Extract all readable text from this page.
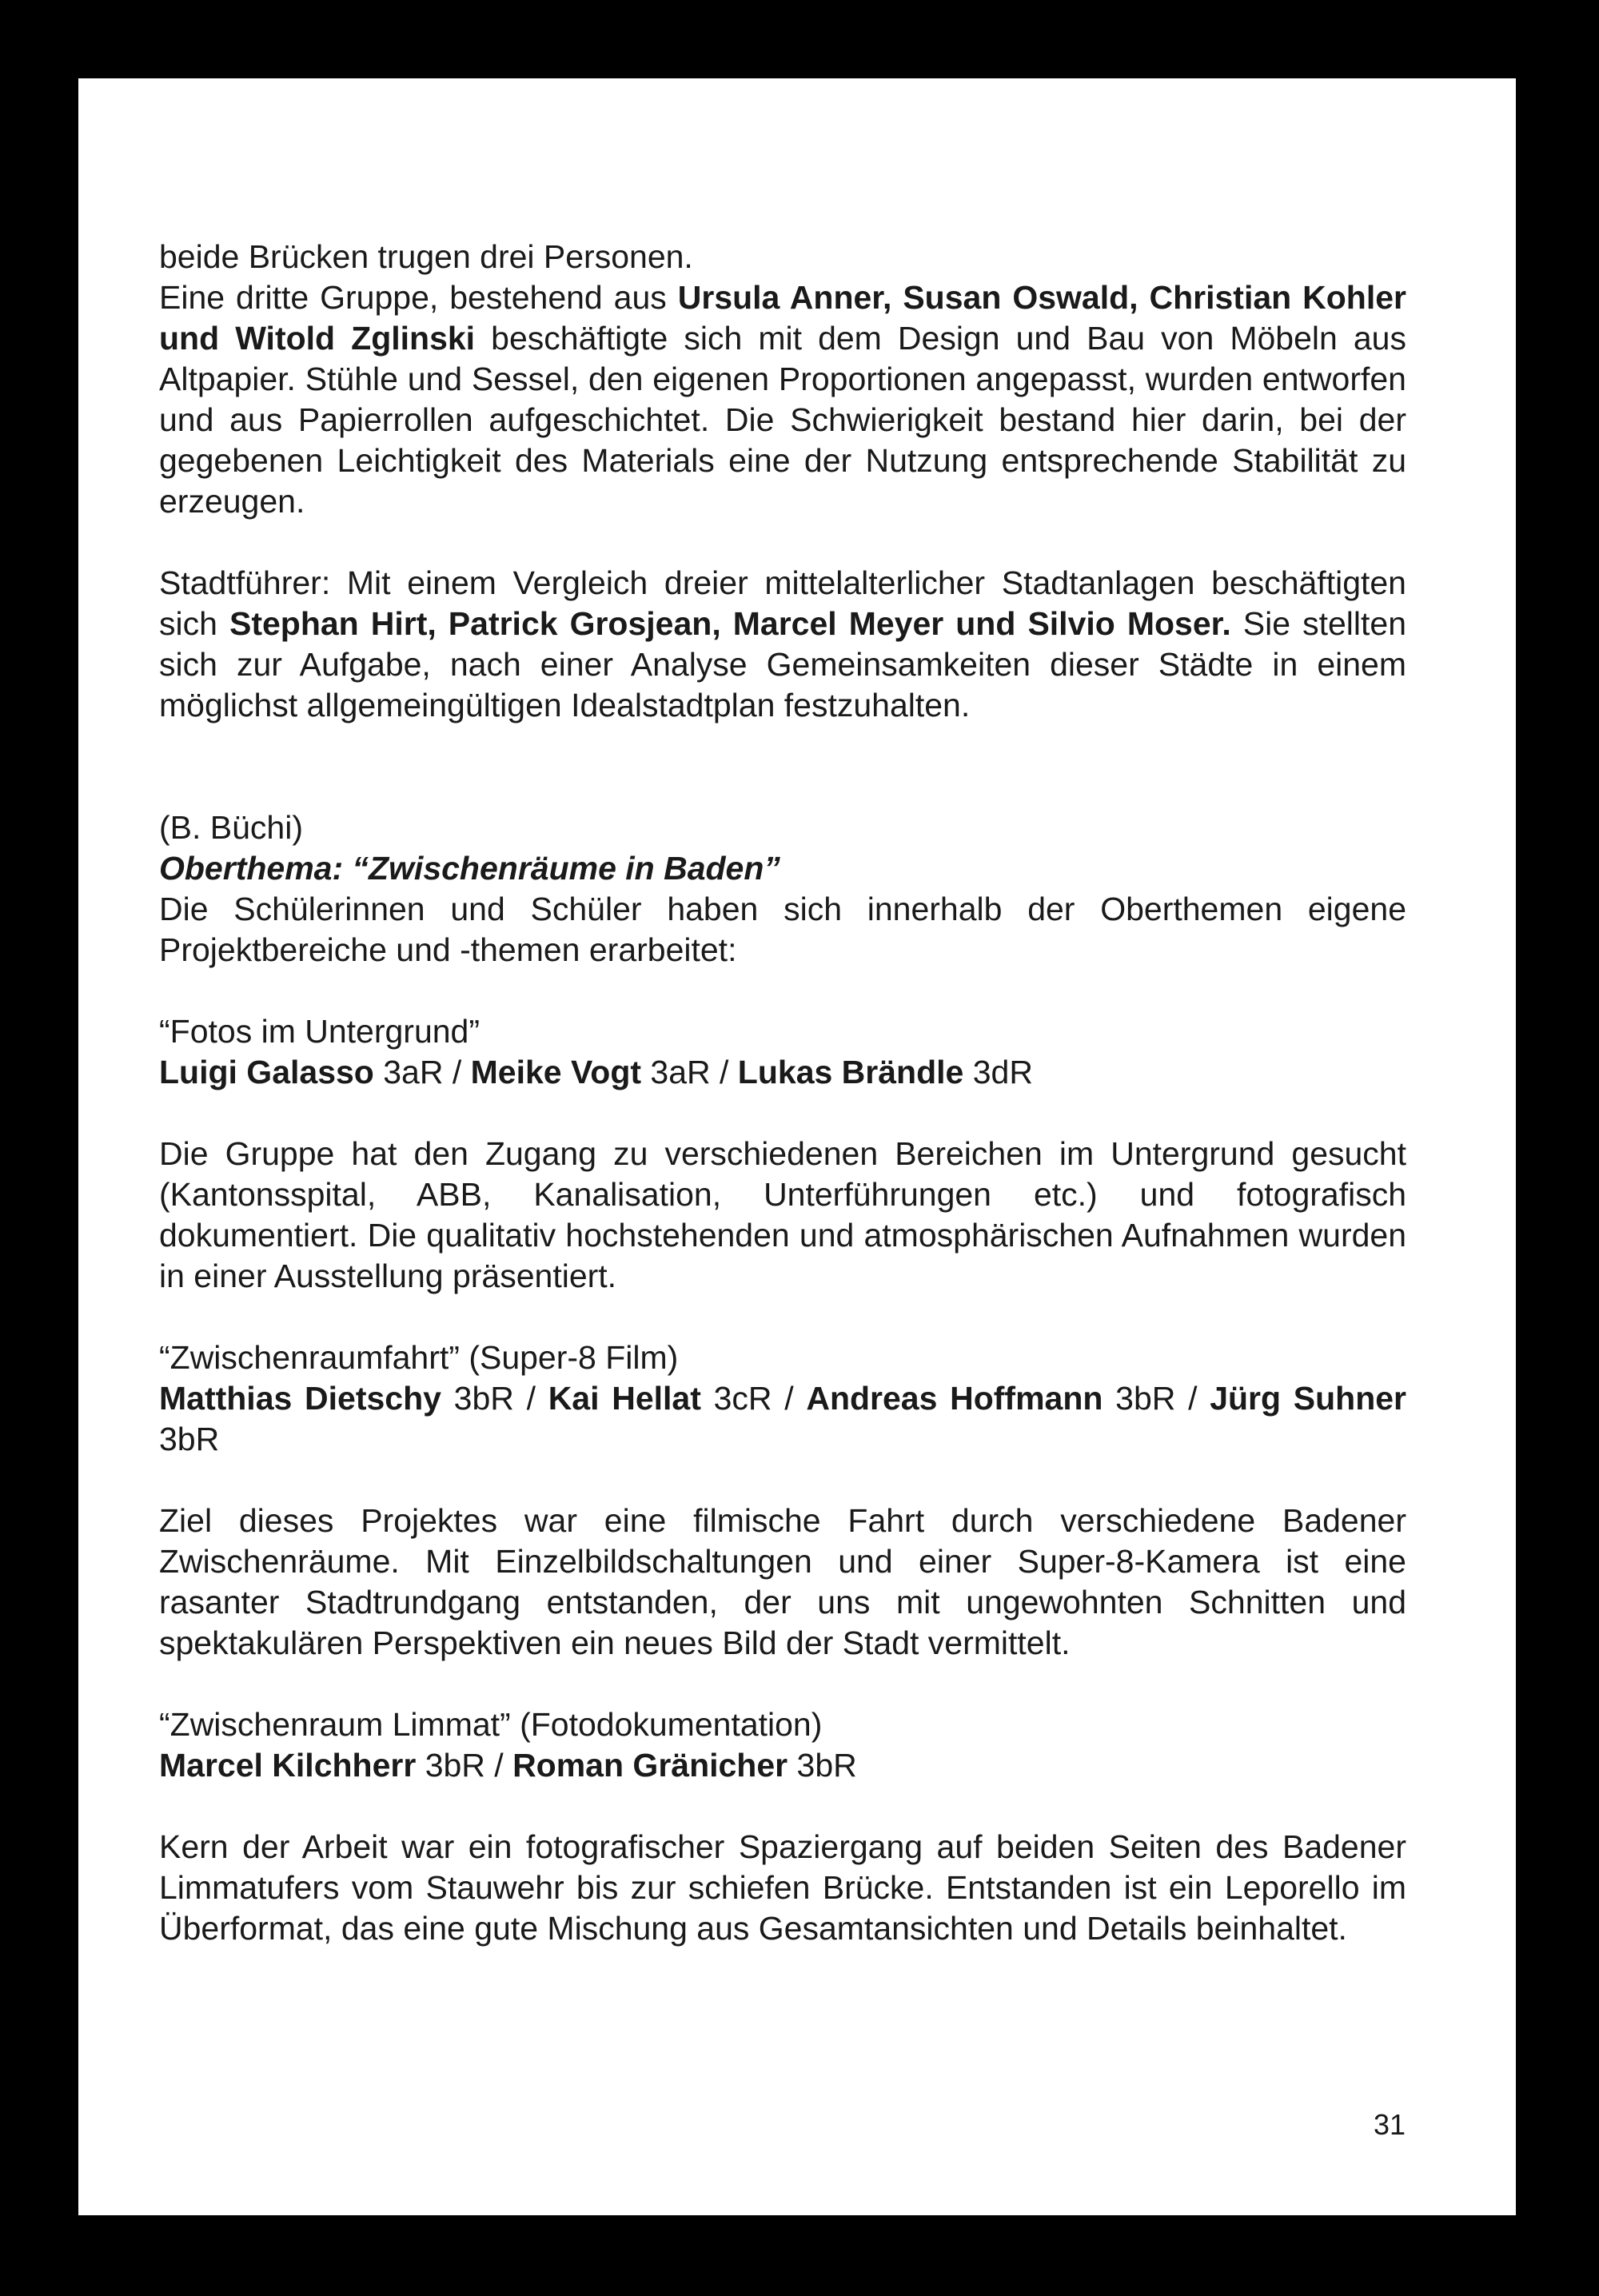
beide Brücken trugen drei Personen.

Eine dritte Gruppe, bestehend aus Ursula Anner, Susan Oswald, Christian Kohler und Witold Zglinski beschäftigte sich mit dem Design und Bau von Möbeln aus Altpapier. Stühle und Sessel, den eigenen Proportionen angepasst, wurden entworfen und aus Papierrollen aufgeschichtet. Die Schwierigkeit bestand hier darin, bei der gegebenen Leichtigkeit des Materials eine der Nutzung entsprechende Stabilität zu erzeugen.

Stadtführer: Mit einem Vergleich dreier mittelalterlicher Stadtanlagen beschäftigten sich Stephan Hirt, Patrick Grosjean, Marcel Meyer und Silvio Moser. Sie stellten sich zur Aufgabe, nach einer Analyse Gemeinsamkeiten dieser Städte in einem möglichst allgemeingültigen Idealstadtplan festzuhalten.

(B. Büchi)

Oberthema: “Zwischenräume in Baden”

Die Schülerinnen und Schüler haben sich innerhalb der Oberthemen eigene Projektbereiche und -themen erarbeitet:

“Fotos im Untergrund”

Luigi Galasso 3aR / Meike Vogt 3aR / Lukas Brändle 3dR

Die Gruppe hat den Zugang zu verschiedenen Bereichen im Untergrund gesucht (Kantonsspital, ABB, Kanalisation, Unterführungen etc.) und fotografisch dokumentiert. Die qualitativ hochstehenden und atmosphärischen Aufnahmen wurden in einer Ausstellung präsentiert.

“Zwischenraumfahrt” (Super-8 Film)

Matthias Dietschy 3bR / Kai Hellat 3cR / Andreas Hoffmann 3bR / Jürg Suhner 3bR

Ziel dieses Projektes war eine filmische Fahrt durch verschiedene Badener Zwischenräume. Mit Einzelbildschaltungen und einer Super-8-Kamera ist eine rasanter Stadtrundgang entstanden, der uns mit ungewohnten Schnitten und spektakulären Perspektiven ein neues Bild der Stadt vermittelt.

“Zwischenraum Limmat” (Fotodokumentation)

Marcel Kilchherr 3bR / Roman Gränicher 3bR

Kern der Arbeit war ein fotografischer Spaziergang auf beiden Seiten des Badener Limmatufers vom Stauwehr bis zur schiefen Brücke. Entstanden ist ein Leporello im Überformat, das eine gute Mischung aus Gesamtansichten und Details beinhaltet.

31
